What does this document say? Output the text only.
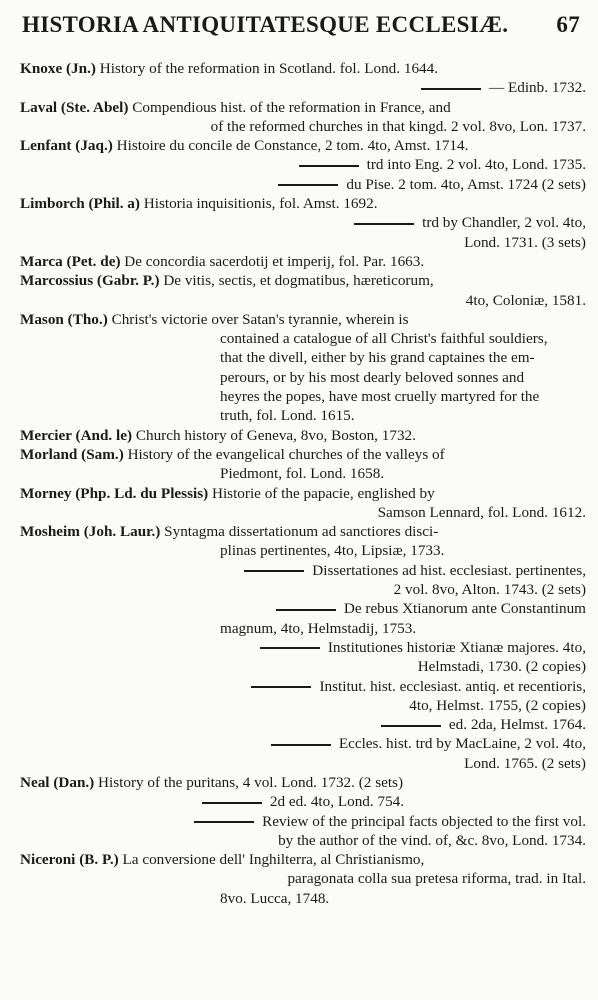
HISTORIA ANTIQUITATESQUE ECCLESIÆ. 67
Knoxe (Jn.) History of the reformation in Scotland. fol. Lond. 1644.
— Edinb. 1732.
Laval (Ste. Abel) Compendious hist. of the reformation in France, and
of the reformed churches in that kingd. 2 vol. 8vo, Lon. 1737.
Lenfant (Jaq.) Histoire du concile de Constance, 2 tom. 4to, Amst. 1714.
trd into Eng. 2 vol. 4to, Lond. 1735.
du Pise. 2 tom. 4to, Amst. 1724 (2 sets)
Limborch (Phil. a) Historia inquisitionis, fol. Amst. 1692.
trd by Chandler, 2 vol. 4to,
Lond. 1731. (3 sets)
Marca (Pet. de) De concordia sacerdotij et imperij, fol. Par. 1663.
Marcossius (Gabr. P.) De vitis, sectis, et dogmatibus, hæreticorum,
4to, Coloniæ, 1581.
Mason (Tho.) Christ's victorie over Satan's tyrannie, wherein is
contained a catalogue of all Christ's faithful souldiers,
that the divell, either by his grand captaines the em-
perours, or by his most dearly beloved sonnes and
heyres the popes, have most cruelly martyred for the
truth, fol. Lond. 1615.
Mercier (And. le) Church history of Geneva, 8vo, Boston, 1732.
Morland (Sam.) History of the evangelical churches of the valleys of
Piedmont, fol. Lond. 1658.
Morney (Php. Ld. du Plessis) Historie of the papacie, englished by
Samson Lennard, fol. Lond. 1612.
Mosheim (Joh. Laur.) Syntagma dissertationum ad sanctiores disci-
plinas pertinentes, 4to, Lipsiæ, 1733.
Dissertationes ad hist. ecclesiast. pertinentes,
2 vol. 8vo, Alton. 1743. (2 sets)
De rebus Xtianorum ante Constantinum
magnum, 4to, Helmstadij, 1753.
Institutiones historiæ Xtianæ majores. 4to,
Helmstadi, 1730. (2 copies)
Institut. hist. ecclesiast. antiq. et recentioris,
4to, Helmst. 1755, (2 copies)
ed. 2da, Helmst. 1764.
Eccles. hist. trd by MacLaine, 2 vol. 4to,
Lond. 1765. (2 sets)
Neal (Dan.) History of the puritans, 4 vol. Lond. 1732. (2 sets)
2d ed. 4to, Lond. 754.
Review of the principal facts objected to the first vol.
by the author of the vind. of, &c. 8vo, Lond. 1734.
Niceroni (B. P.) La conversione dell' Inghilterra, al Christianismo,
paragonata colla sua pretesa riforma, trad. in Ital.
8vo. Lucca, 1748.
